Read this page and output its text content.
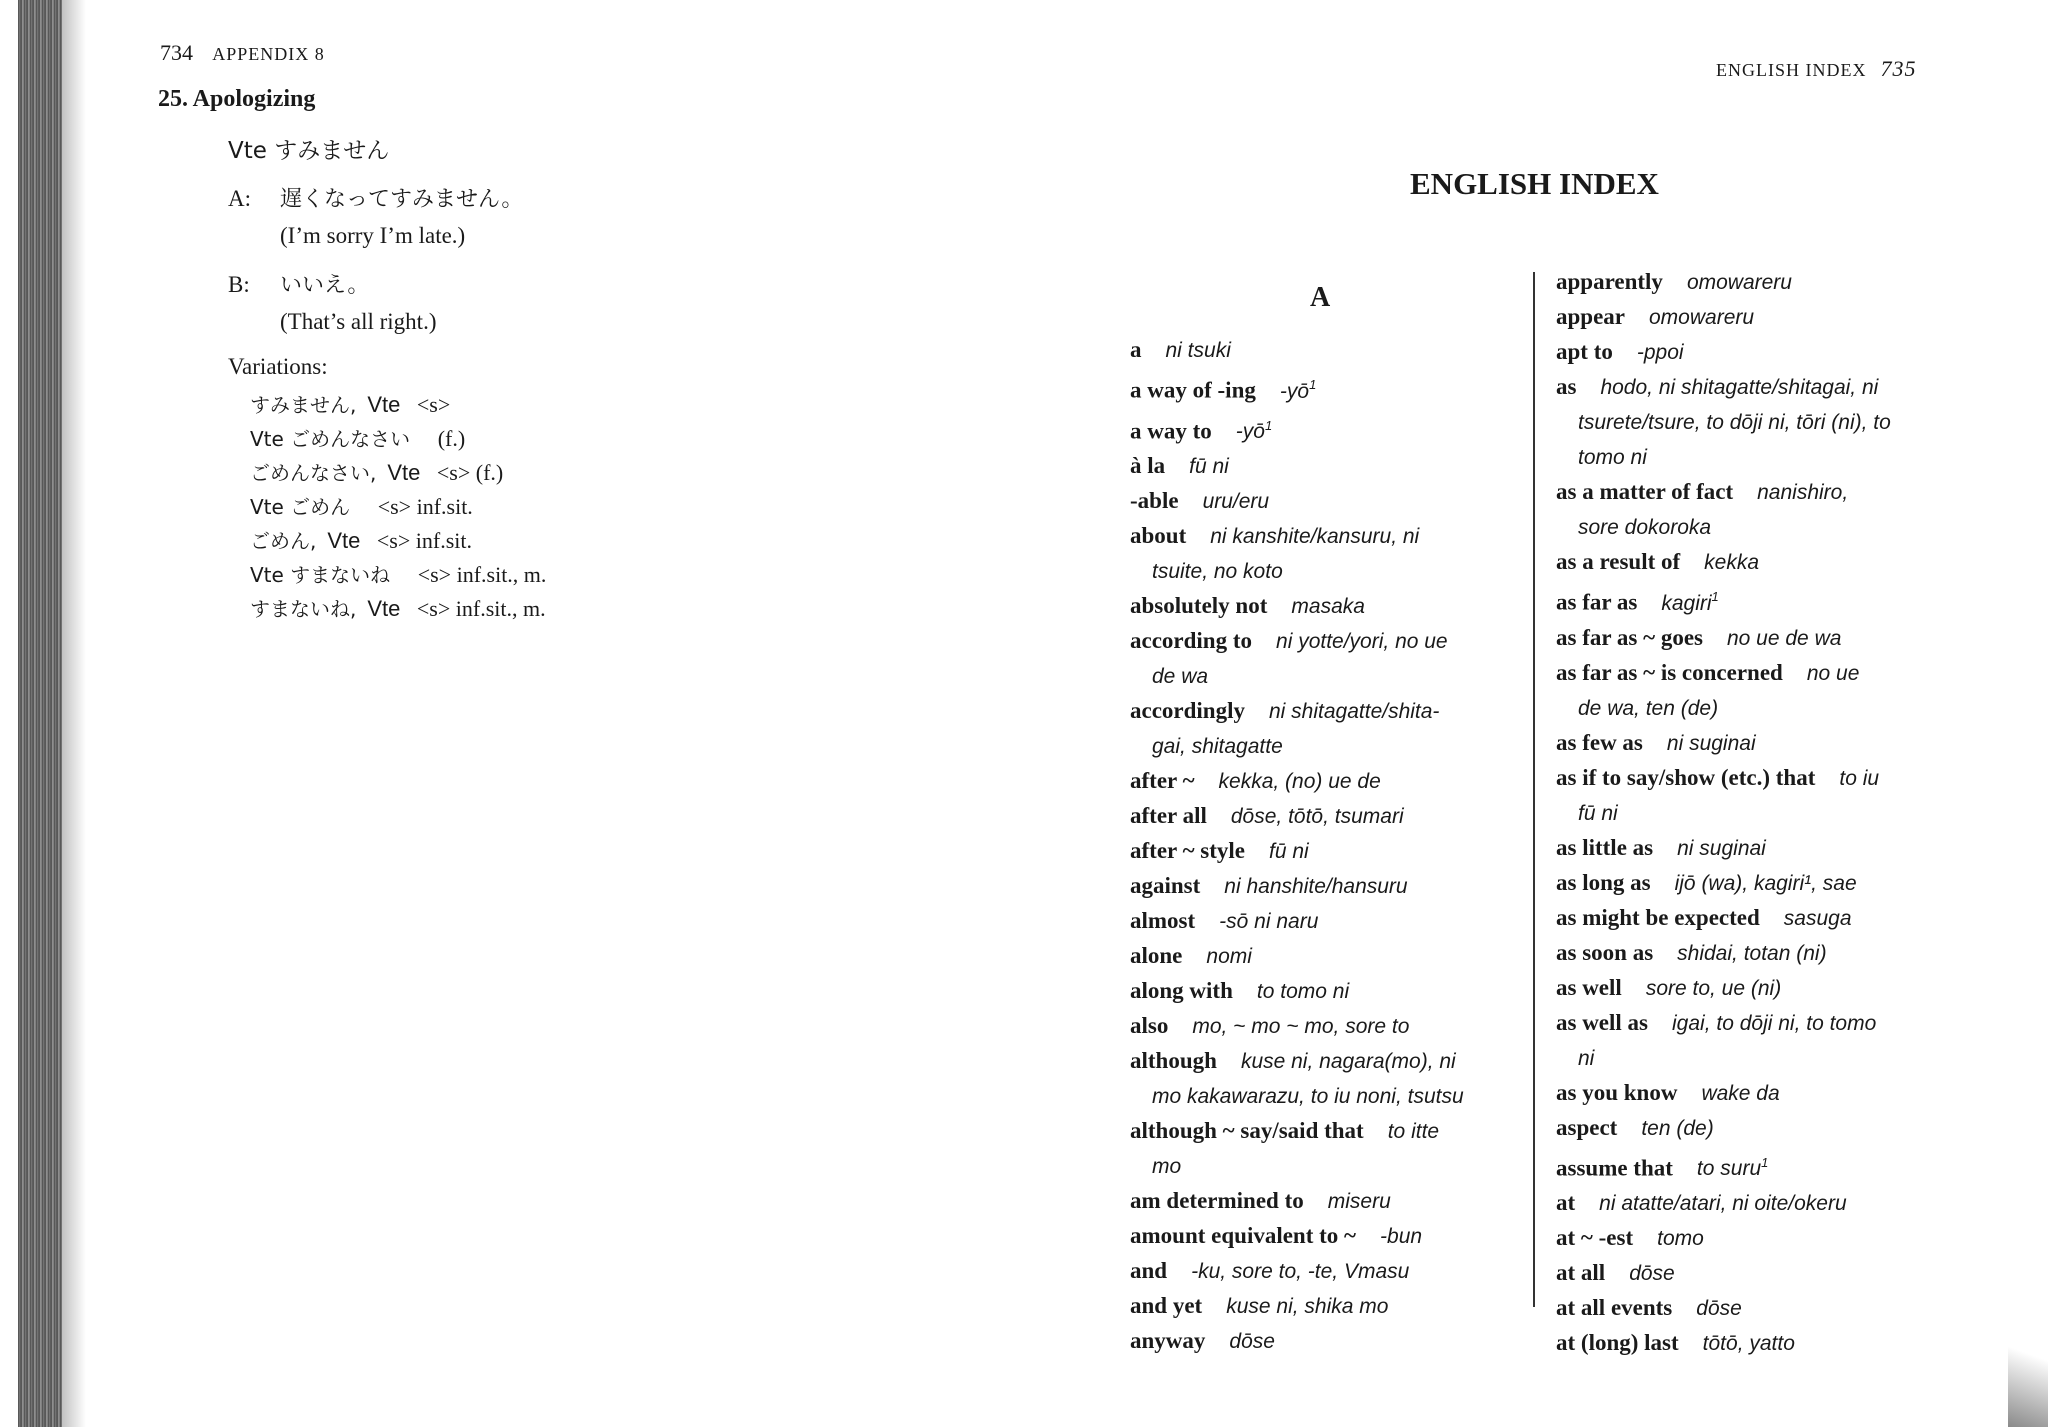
734 APPENDIX 8
25. Apologizing
Vte すみません
A: 遅くなってすみません。
(I’m sorry I’m late.)
B: いいえ。
(That’s all right.)
Variations:
すみません, Vte <s>
Vte ごめんなさい (f.)
ごめんなさい, Vte <s> (f.)
Vte ごめん <s> inf.sit.
ごめん, Vte <s> inf.sit.
Vte すまないね <s> inf.sit., m.
すまないね, Vte <s> inf.sit., m.
ENGLISH INDEX 735
ENGLISH INDEX
A
a ni tsuki
a way of -ing $-yō^1$
a way to $-yō^1$
à la fū ni
-able uru/eru
about ni kanshite/kansuru, ni
tsuite, no koto
absolutely not masaka
according to ni yotte/yori, no ue
de wa
accordingly ni shitagatte/shita-
gai, shitagatte
after ~ kekka, (no) ue de
after all dōse, tōtō, tsumari
after ~ style fū ni
against ni hanshite/hansuru
almost -sō ni naru
alone nomi
along with to tomo ni
also mo, ~ mo ~ mo, sore to
although kuse ni, nagara(mo), ni
mo kakawarazu, to iu noni, tsutsu
although ~ say/said that to itte
mo
am determined to miseru
amount equivalent to ~ -bun
and -ku, sore to, -te, Vmasu
and yet kuse ni, shika mo
anyway dōse
apparently omowareru
appear omowareru
apt to -ppoi
as hodo, ni shitagatte/shitagai, ni
tsurete/tsure, to dōji ni, tōri (ni), to
tomo ni
as a matter of fact nanishiro,
sore dokoroka
as a result of kekka
as far as kagiri$^1$
as far as ~ goes no ue de wa
as far as ~ is concerned no ue
de wa, ten (de)
as few as ni suginai
as if to say/show (etc.) that to iu
fū ni
as little as ni suginai
as long as ijō (wa), kagiri¹, sae
as might be expected sasuga
as soon as shidai, totan (ni)
as well sore to, ue (ni)
as well as igai, to dōji ni, to tomo
ni
as you know wake da
aspect ten (de)
assume that to suru$^1$
at ni atatte/atari, ni oite/okeru
at ~ -est tomo
at all dōse
at all events dōse
at (long) last tōtō, yatto
